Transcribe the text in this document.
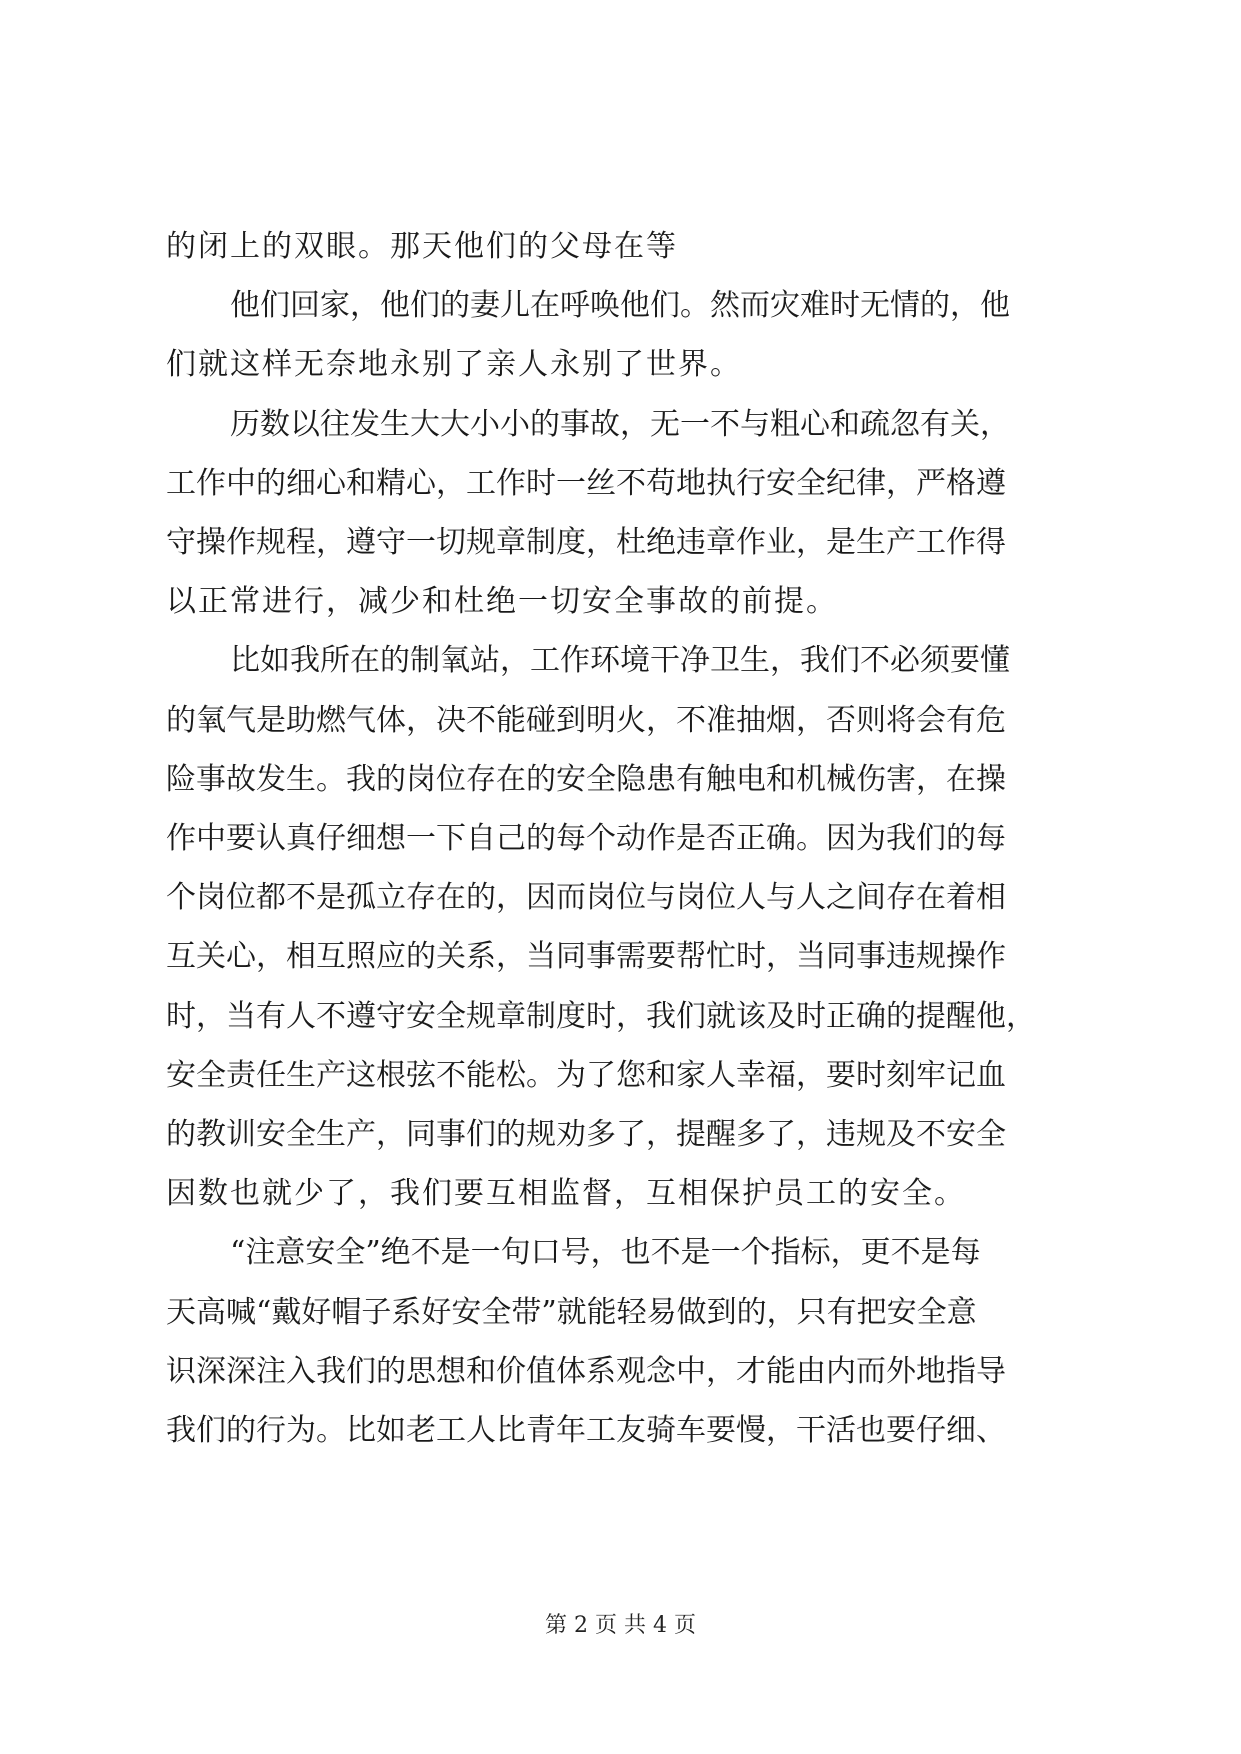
的闭上的双眼。那天他们的父母在等
他们回家，他们的妻儿在呼唤他们。然而灾难时无情的，他
们就这样无奈地永别了亲人永别了世界。
历数以往发生大大小小的事故，无一不与粗心和疏忽有关，
工作中的细心和精心，工作时一丝不苟地执行安全纪律，严格遵
守操作规程，遵守一切规章制度，杜绝违章作业，是生产工作得
以正常进行，减少和杜绝一切安全事故的前提。
比如我所在的制氧站，工作环境干净卫生，我们不必须要懂
的氧气是助燃气体，决不能碰到明火，不准抽烟，否则将会有危
险事故发生。我的岗位存在的安全隐患有触电和机械伤害，在操
作中要认真仔细想一下自己的每个动作是否正确。因为我们的每
个岗位都不是孤立存在的，因而岗位与岗位人与人之间存在着相
互关心，相互照应的关系，当同事需要帮忙时，当同事违规操作
时，当有人不遵守安全规章制度时，我们就该及时正确的提醒他，
安全责任生产这根弦不能松。为了您和家人幸福，要时刻牢记血
的教训安全生产，同事们的规劝多了，提醒多了，违规及不安全
因数也就少了，我们要互相监督，互相保护员工的安全。
“注意安全”绝不是一句口号，也不是一个指标，更不是每
天高喊“戴好帽子系好安全带”就能轻易做到的，只有把安全意
识深深注入我们的思想和价值体系观念中，才能由内而外地指导
我们的行为。比如老工人比青年工友骑车要慢，干活也要仔细、
第 2 页 共 4 页
